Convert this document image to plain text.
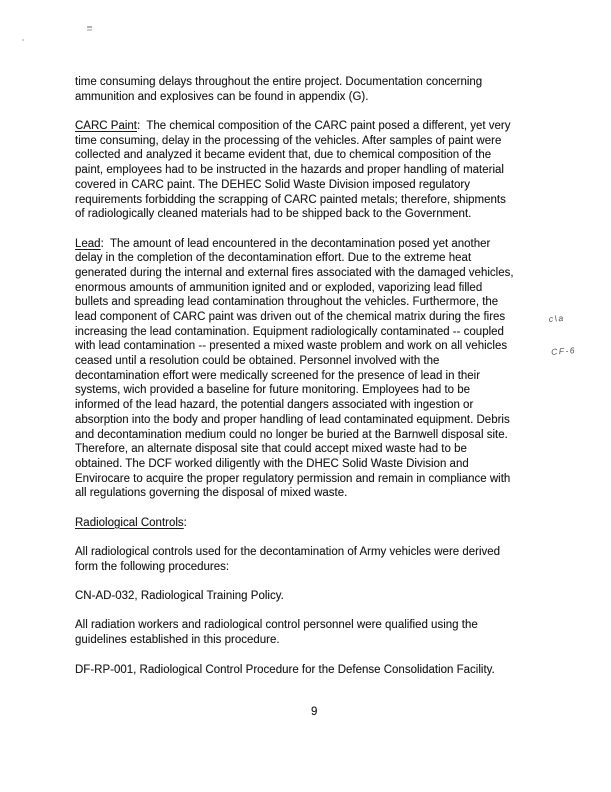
time consuming delays throughout the entire project. Documentation concerning
ammunition and explosives can be found in appendix (G).
CARC Paint:  The chemical composition of the CARC paint posed a different, yet very
time consuming, delay in the processing of the vehicles. After samples of paint were
collected and analyzed it became evident that, due to chemical composition of the
paint, employees had to be instructed in the hazards and proper handling of material
covered in CARC paint. The DEHEC Solid Waste Division imposed regulatory
requirements forbidding the scrapping of CARC painted metals; therefore, shipments
of radiologically cleaned materials had to be shipped back to the Government.
Lead:  The amount of lead encountered in the decontamination posed yet another
delay in the completion of the decontamination effort. Due to the extreme heat
generated during the internal and external fires associated with the damaged vehicles,
enormous amounts of ammunition ignited and or exploded, vaporizing lead filled
bullets and spreading lead contamination throughout the vehicles. Furthermore, the
lead component of CARC paint was driven out of the chemical matrix during the fires
increasing the lead contamination. Equipment radiologically contaminated -- coupled
with lead contamination -- presented a mixed waste problem and work on all vehicles
ceased until a resolution could be obtained. Personnel involved with the
decontamination effort were medically screened for the presence of lead in their
systems, wich provided a baseline for future monitoring. Employees had to be
informed of the lead hazard, the potential dangers associated with ingestion or
absorption into the body and proper handling of lead contaminated equipment. Debris
and decontamination medium could no longer be buried at the Barnwell disposal site.
Therefore, an alternate disposal site that could accept mixed waste had to be
obtained. The DCF worked diligently with the DHEC Solid Waste Division and
Envirocare to acquire the proper regulatory permission and remain in compliance with
all regulations governing the disposal of mixed waste.
Radiological Controls:
All radiological controls used for the decontamination of Army vehicles were derived
form the following procedures:
CN-AD-032, Radiological Training Policy.
All radiation workers and radiological control personnel were qualified using the
guidelines established in this procedure.
DF-RP-001, Radiological Control Procedure for the Defense Consolidation Facility.

c\a

CF-6

9
